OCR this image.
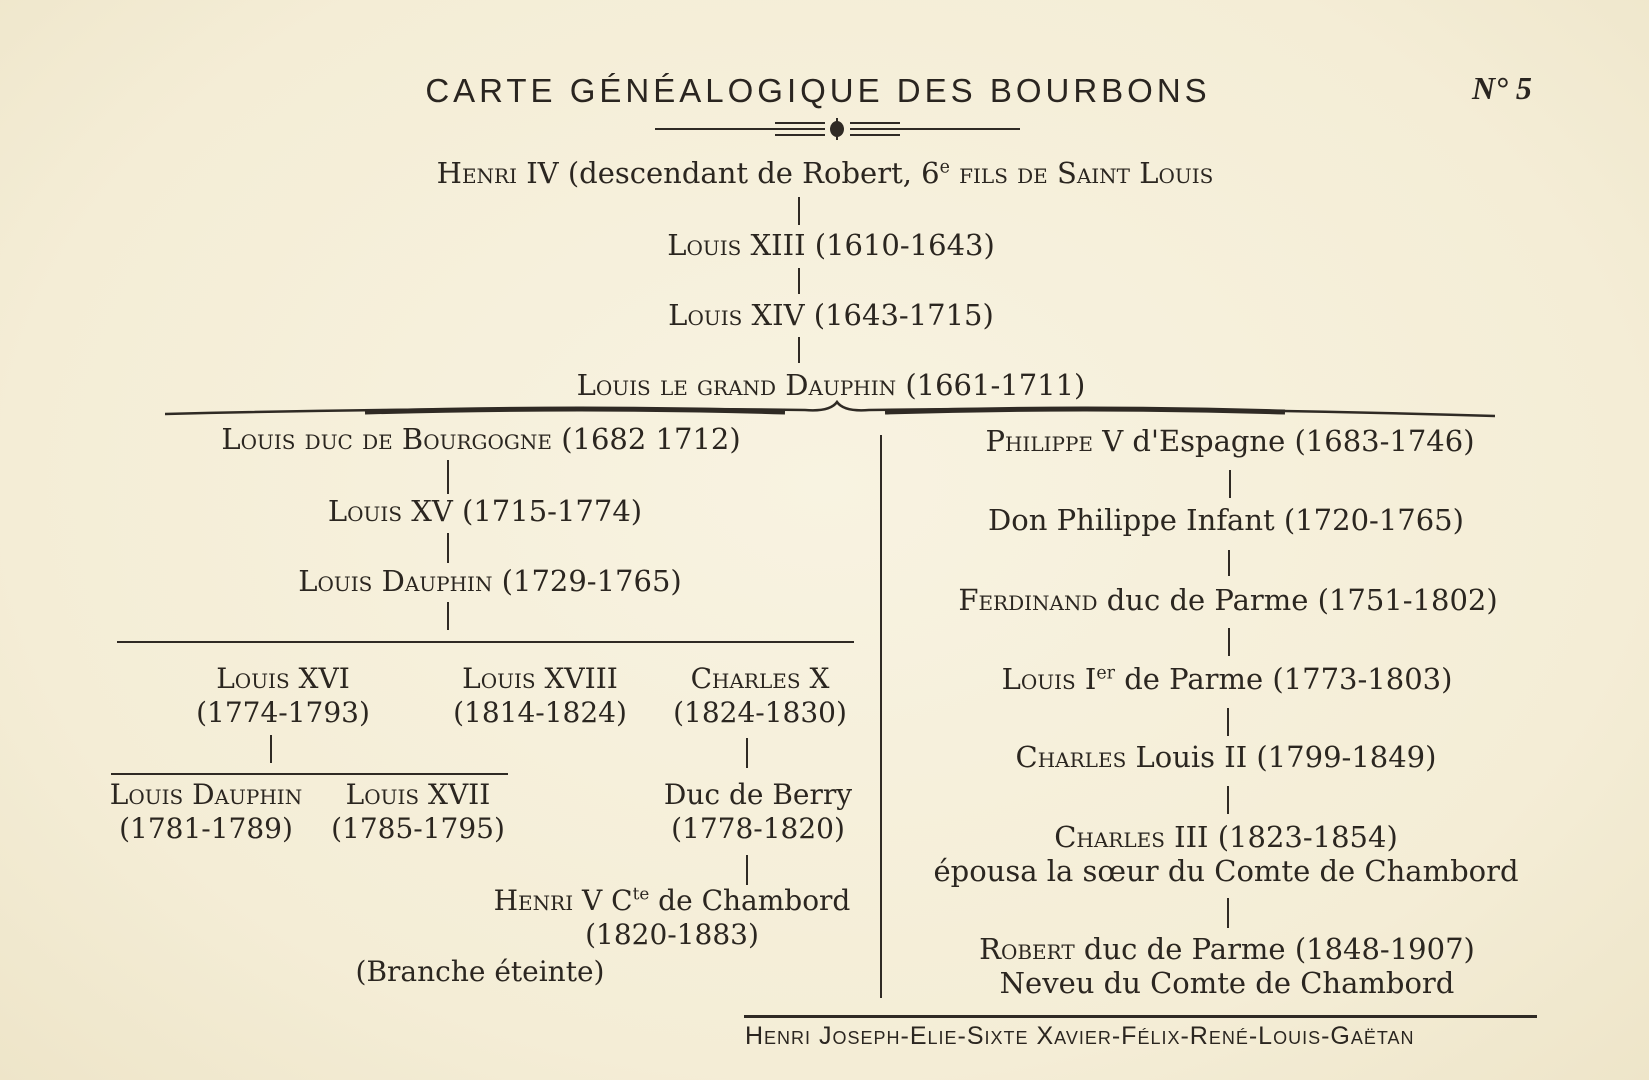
CARTE GÉNÉALOGIQUE DES BOURBONS	N° 5
Henri IV (descendant de Robert, 6e fils de Saint Louis
Louis XIII (1610-1643)
Louis XIV (1643-1715)
Louis le grand Dauphin (1661-1711)
Louis duc de Bourgogne (1682 1712)
Louis XV (1715-1774)
Louis Dauphin (1729-1765)
Louis XVI
(1774-1793)
Louis XVIII
(1814-1824)
Charles X
(1824-1830)
Louis Dauphin
(1781-1789)
Louis XVII
(1785-1795)
Duc de Berry
(1778-1820)
Henri V $C^{te}$ de Chambord
(1820-1883)
(Branche éteinte)
Philippe V d'Espagne (1683-1746)
Don Philippe Infant (1720-1765)
Ferdinand duc de Parme (1751-1802)
Louis Ier de Parme (1773-1803)
Charles Louis II (1799-1849)
Charles III (1823-1854)
épousa la sœur du Comte de Chambord
Robert duc de Parme (1848-1907)
Neveu du Comte de Chambord
Henri Joseph-Elie-Sixte Xavier-Félix-René-Louis-Gaëtan
